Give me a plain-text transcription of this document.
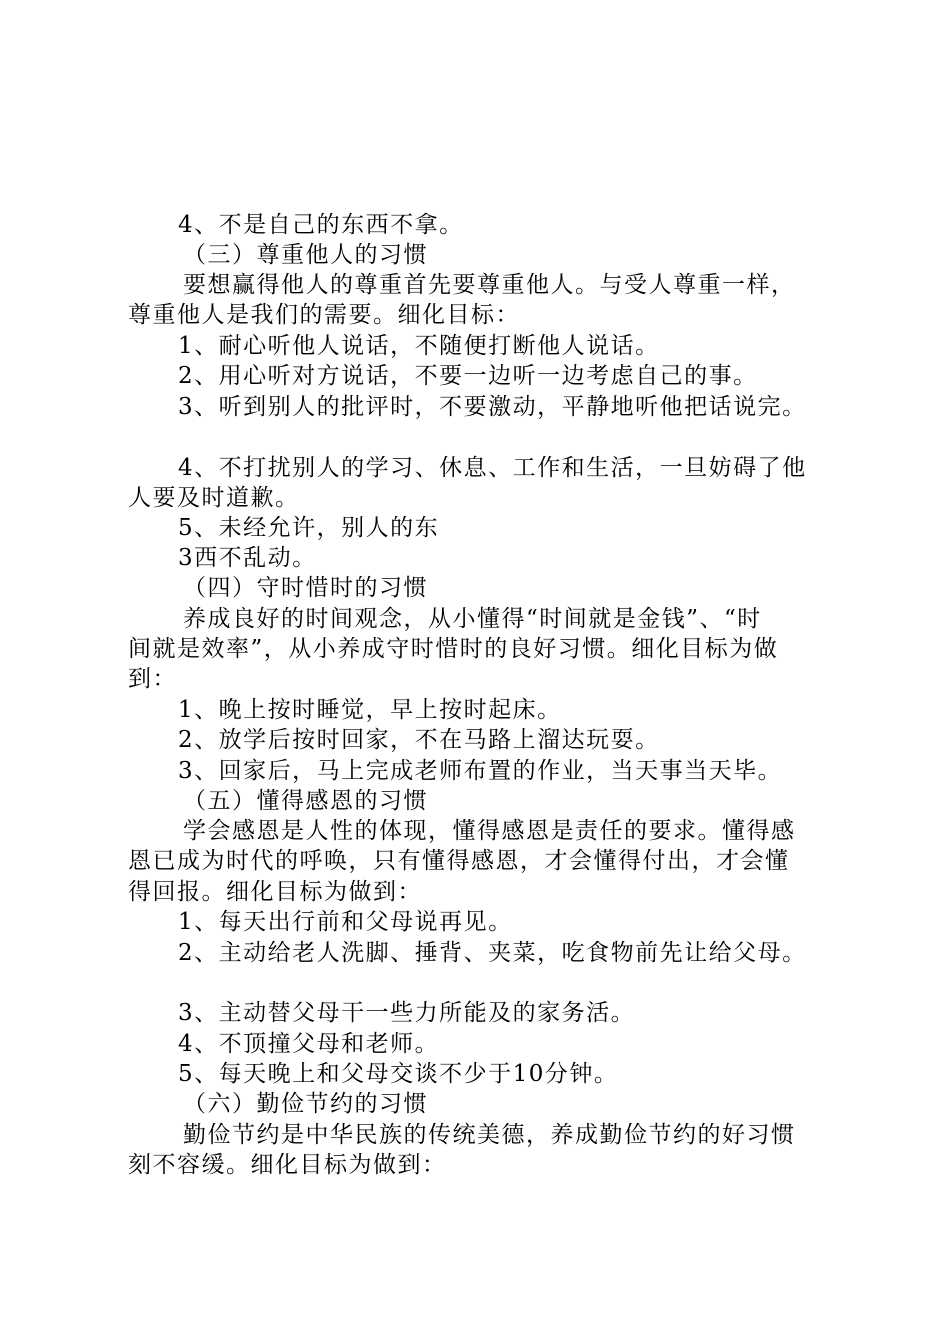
4、不是自己的东西不拿。
（三）尊重他人的习惯
要想赢得他人的尊重首先要尊重他人。与受人尊重一样，
尊重他人是我们的需要。细化目标：
1、耐心听他人说话，不随便打断他人说话。
2、用心听对方说话，不要一边听一边考虑自己的事。
3、听到别人的批评时，不要激动，平静地听他把话说完。
4、不打扰别人的学习、休息、工作和生活，一旦妨碍了他
人要及时道歉。
5、未经允许，别人的东
3西不乱动。
（四）守时惜时的习惯
养成良好的时间观念，从小懂得“时间就是金钱”、“时
间就是效率”，从小养成守时惜时的良好习惯。细化目标为做
到：
1、晚上按时睡觉，早上按时起床。
2、放学后按时回家，不在马路上溜达玩耍。
3、回家后，马上完成老师布置的作业，当天事当天毕。
（五）懂得感恩的习惯
学会感恩是人性的体现，懂得感恩是责任的要求。懂得感
恩已成为时代的呼唤，只有懂得感恩，才会懂得付出，才会懂
得回报。细化目标为做到：
1、每天出行前和父母说再见。
2、主动给老人洗脚、捶背、夹菜，吃食物前先让给父母。
3、主动替父母干一些力所能及的家务活。
4、不顶撞父母和老师。
5、每天晚上和父母交谈不少于10分钟。
（六）勤俭节约的习惯
勤俭节约是中华民族的传统美德，养成勤俭节约的好习惯
刻不容缓。细化目标为做到：
